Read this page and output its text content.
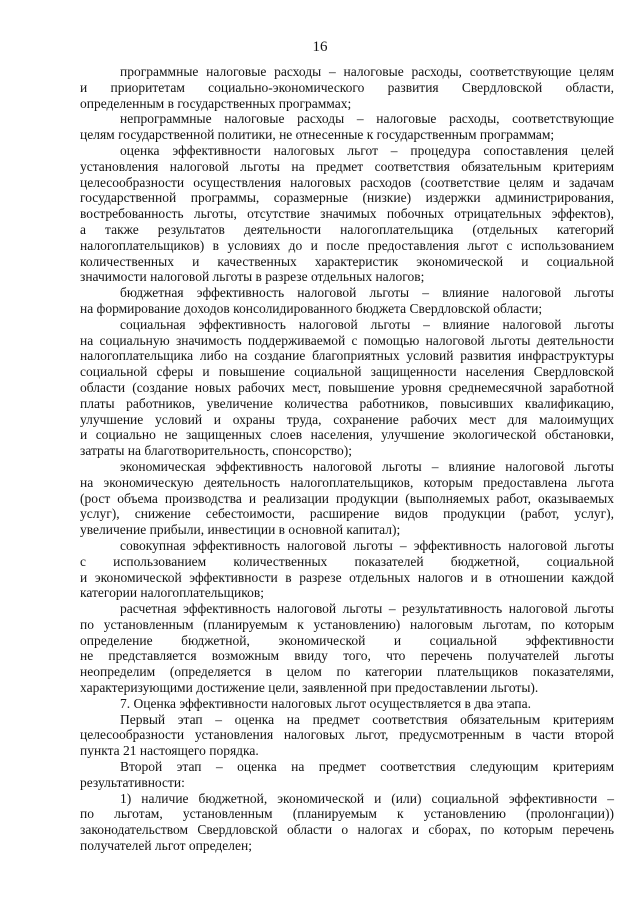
16

программные налоговые расходы – налоговые расходы, соответствующие целям
и приоритетам социально-экономического развития Свердловской области,
определенным в государственных программах;

непрограммные налоговые расходы – налоговые расходы, соответствующие
целям государственной политики, не отнесенные к государственным программам;

оценка эффективности налоговых льгот – процедура сопоставления целей
установления налоговой льготы на предмет соответствия обязательным критериям
целесообразности осуществления налоговых расходов (соответствие целям и задачам
государственной программы, соразмерные (низкие) издержки администрирования,
востребованность льготы, отсутствие значимых побочных отрицательных эффектов),
а также результатов деятельности налогоплательщика (отдельных категорий
налогоплательщиков) в условиях до и после предоставления льгот с использованием
количественных и качественных характеристик экономической и социальной
значимости налоговой льготы в разрезе отдельных налогов;

бюджетная эффективность налоговой льготы – влияние налоговой льготы
на формирование доходов консолидированного бюджета Свердловской области;

социальная эффективность налоговой льготы – влияние налоговой льготы
на социальную значимость поддерживаемой с помощью налоговой льготы деятельности
налогоплательщика либо на создание благоприятных условий развития инфраструктуры
социальной сферы и повышение социальной защищенности населения Свердловской
области (создание новых рабочих мест, повышение уровня среднемесячной заработной
платы работников, увеличение количества работников, повысивших квалификацию,
улучшение условий и охраны труда, сохранение рабочих мест для малоимущих
и социально не защищенных слоев населения, улучшение экологической обстановки,
затраты на благотворительность, спонсорство);

экономическая эффективность налоговой льготы – влияние налоговой льготы
на экономическую деятельность налогоплательщиков, которым предоставлена льгота
(рост объема производства и реализации продукции (выполняемых работ, оказываемых
услуг), снижение себестоимости, расширение видов продукции (работ, услуг),
увеличение прибыли, инвестиции в основной капитал);

совокупная эффективность налоговой льготы – эффективность налоговой льготы
с использованием количественных показателей бюджетной, социальной
и экономической эффективности в разрезе отдельных налогов и в отношении каждой
категории налогоплательщиков;

расчетная эффективность налоговой льготы – результативность налоговой льготы
по установленным (планируемым к установлению) налоговым льготам, по которым
определение бюджетной, экономической и социальной эффективности
не представляется возможным ввиду того, что перечень получателей льготы
неопределим (определяется в целом по категории плательщиков показателями,
характеризующими достижение цели, заявленной при предоставлении льготы).

7. Оценка эффективности налоговых льгот осуществляется в два этапа.

Первый этап – оценка на предмет соответствия обязательным критериям
целесообразности установления налоговых льгот, предусмотренным в части второй
пункта 21 настоящего порядка.

Второй этап – оценка на предмет соответствия следующим критериям
результативности:

1) наличие бюджетной, экономической и (или) социальной эффективности –
по льготам, установленным (планируемым к установлению (пролонгации))
законодательством Свердловской области о налогах и сборах, по которым перечень
получателей льгот определен;
